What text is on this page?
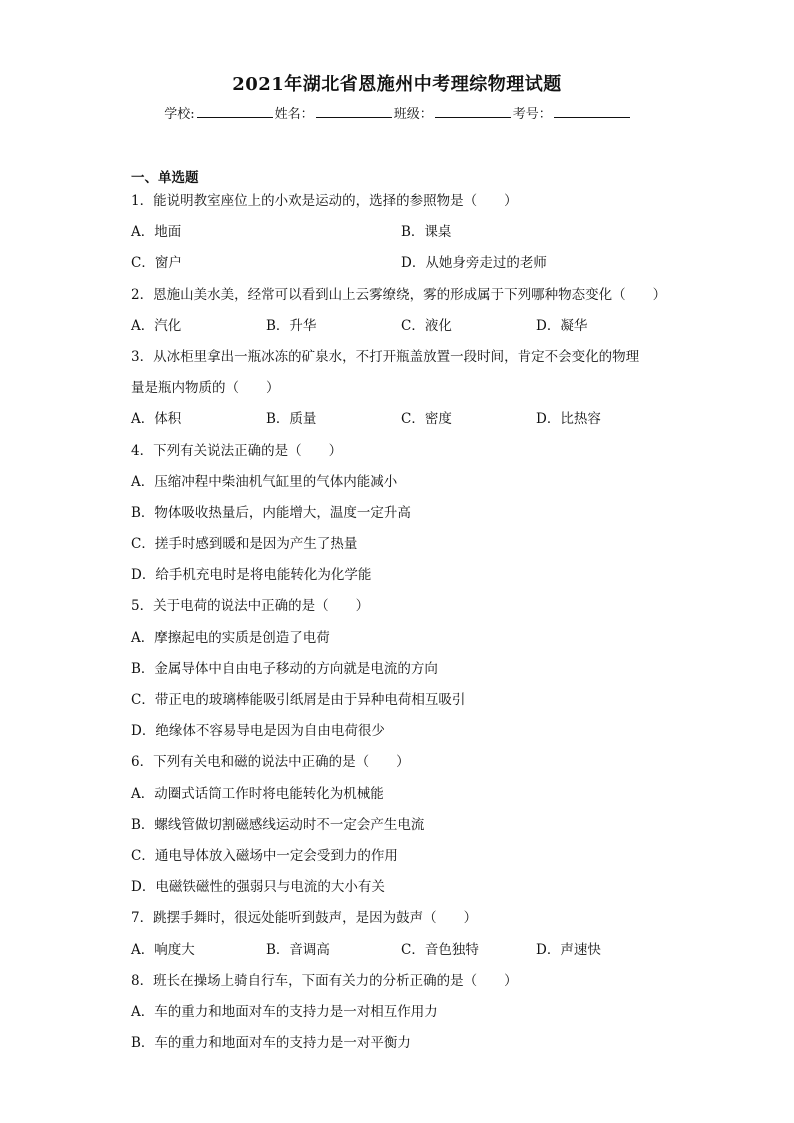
2021年湖北省恩施州中考理综物理试题
学校:	姓名：	班级：	考号：
一、单选题
1．能说明教室座位上的小欢是运动的，选择的参照物是（　　）
A．地面	B．课桌
C．窗户	D．从她身旁走过的老师
2．恩施山美水美，经常可以看到山上云雾缭绕，雾的形成属于下列哪种物态变化（　　）
A．汽化	B．升华	C．液化	D．凝华
3．从冰柜里拿出一瓶冰冻的矿泉水，不打开瓶盖放置一段时间，肯定不会变化的物理
量是瓶内物质的（　　）
A．体积	B．质量	C．密度	D．比热容
4．下列有关说法正确的是（　　）
A．压缩冲程中柴油机气缸里的气体内能减小
B．物体吸收热量后，内能增大，温度一定升高
C．搓手时感到暖和是因为产生了热量
D．给手机充电时是将电能转化为化学能
5．关于电荷的说法中正确的是（　　）
A．摩擦起电的实质是创造了电荷
B．金属导体中自由电子移动的方向就是电流的方向
C．带正电的玻璃棒能吸引纸屑是由于异种电荷相互吸引
D．绝缘体不容易导电是因为自由电荷很少
6．下列有关电和磁的说法中正确的是（　　）
A．动圈式话筒工作时将电能转化为机械能
B．螺线管做切割磁感线运动时不一定会产生电流
C．通电导体放入磁场中一定会受到力的作用
D．电磁铁磁性的强弱只与电流的大小有关
7．跳摆手舞时，很远处能听到鼓声，是因为鼓声（　　）
A．响度大	B．音调高	C．音色独特	D．声速快
8．班长在操场上骑自行车，下面有关力的分析正确的是（　　）
A．车的重力和地面对车的支持力是一对相互作用力
B．车的重力和地面对车的支持力是一对平衡力
